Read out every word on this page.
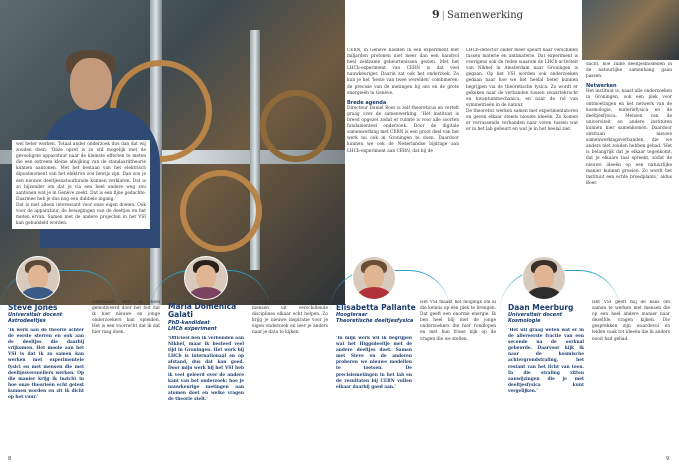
9 | Samenwerking

wel beter werken. Totaal ander onderzoek dus dan dat wij zouden doen. 'Onze opzet is zo stil mogelijk met de gevoeligste apparatuur naar de kleinste effecten te meten die een extreem kleine afwijking van de standaardtheorie kunnen aantonen. Met het bestaan van het elektrisch dipoolmoment van het elektron zou bewijs zijn. Dan zou je een nieuwe deeltjesnatuurkunde kunnen verklaren. Dat is zo bijzonder om dat je via een heel andere weg zou aantonen wat je in Genève zoekt. Dat is een fijne gedachte. Daarmee heb je dus nog een dubbele ingang.'

Dat is niet alleen interessant voor onze eigen doelen. Ook voor de apparatuur, de bewegingen van de deeltjes en het meten ervan. Samen met de andere projecten in het VSI kan gebundeld worden.

CERN, in Genève hadden in een experiment met miljarden protonen niet meer dan een handvol heel zeldzame gebeurtenissen gezien. Met het LHCb-experiment van CERN is dat veel nauwkeuriger. Daarin zat ook het onderzoek. Zo kun je het 'beste van twee werelden' combineren: de precisie van de metingen bij ons en de grote energieën in Genève.

Brede agenda

Directeur Daniel Boer is zelf theoreticus en vertelt graag over de samenwerking. 'Het instituut is breed opgezet zodat er ruimte is voor alle soorten fundamenteel onderzoek. Door de digitale samenwerking met CERN is een groot deel van het werk nu ook in Groningen te doen. Daardoor kunnen we ook de Nederlandse bijdrage aan LHCb-experiment aan CERN, dat bij de

LHCb-detector onder meer speurt naar verschillen tussen materie en antimaterie. Dat experiment is overigens ook de reden waarom de LHCb-activiteit van Nikhef in Amsterdam naar Groningen is gegaan. Op het VSI worden ook onderzoeken gedaan naar hoe we het heelal beter kunnen begrijpen via de theoretische fysica. Zo wordt er gekeken naar de verbanden tussen zwaartekracht en kwantummechanica, en naar de rol van symmetrieën in de natuur.

De theoretici werken samen met experimentatoren en geven elkaar steeds nieuwe ideeën. Zo komen er verrassende verbanden naar voren tussen wat er in het lab gebeurt en wat je in het heelal ziet.

dacht, hoe zulke deeltjesmodellen in de natuurlijke samenhang gaan passen.

Netwerken

Het instituut is, naast alle onderzoeken in Groningen, ook een plek voor ontmoetingen en het netwerk van de kosmologie, materiefysica en de deeltjesfysica. Mensen van de universiteit en andere instituten kunnen hier samenkomen. Daardoor ontstaan nieuwe samenwerkingsverbanden, die we anders niet zouden hebben gehad. 'Het is belangrijk dat je elkaar tegenkomt, dat je elkaars taal spreekt, zodat de nieuwe ideeën op een natuurlijke manier kunnen groeien. Zo wordt het instituut een echte broedplaats,' aldus Boer.

Steve Jones
Universitair docent
Astrodeeltjes
'Ik werk aan de theorie achter de eerste sterren en ook aan de deeltjes die daarbij vrijkomen. Het mooie aan het VSI is dat ik zo samen kan werken met experimentele fysici en met mensen die met deeltjesversnellers werken. Op die manier krijg ik inzicht in hoe onze theorieën echt getest kunnen worden en zit ik dicht op het vuur.'
Daarnaast ben ik heel gemotiveerd door het feit dat ik hier nieuwe en jonge onderzoekers kan opleiden. Het is een voorrecht dat ik dat hier mag doen.
Maria Domenica Galati
PhD-kandidaat
LHCb experiment
'Officieel ben ik verbonden aan Nikhef, maar ik besteed veel tijd in Groningen. Het werk bij LHCb is internationaal en op afstand, dus dat kan goed. Door mijn werk bij het VSI heb ik veel geleerd over de andere kant van het onderzoek: hoe je nauwkeurige metingen aan atomen doet en welke vragen de theorie stelt.'
Voor mij is het mooi om te zien dat mensen uit verschillende disciplines elkaar echt helpen. Zo krijg je nieuwe inspiratie voor je eigen onderzoek en leer je anders naar je data te kijken.
Elisabetta Pallante
Hoogleraar
Theoretische deeltjesfysica
'In mijn werk wil ik begrijpen wat het Higgsdeeltje met de andere deeltjes doet. Samen met Steve en de anderen proberen we nieuwe modellen te toetsen. De precisiemetingen in het lab en de resultaten bij CERN vullen elkaar daarbij goed aan.'
Het VSI maakt het mogelijk om al die kennis op één plek te brengen. Dat geeft een enorme energie. Ik ben heel blij met de jonge onderzoekers die hier rondlopen en met hun frisse kijk op de vragen die we stellen.
Daan Meerburg
Universitair docent
Kosmologie
'Het wil graag weten wat er in de allereerste fractie van een seconde na de oerknal gebeurde. Daarvoor kijk ik naar de kosmische achtergrondstraling, het restant van het licht van toen. In die straling zitten aanwijzingen die je met deeltjesfysica kunt vergelijken.'
Het VSI geeft mij de kans om samen te werken met mensen die op een heel andere manier naar dezelfde vragen kijken. Die gesprekken zijn waardevol en leiden vaak tot ideeën die ik anders nooit had gehad.
8	9
